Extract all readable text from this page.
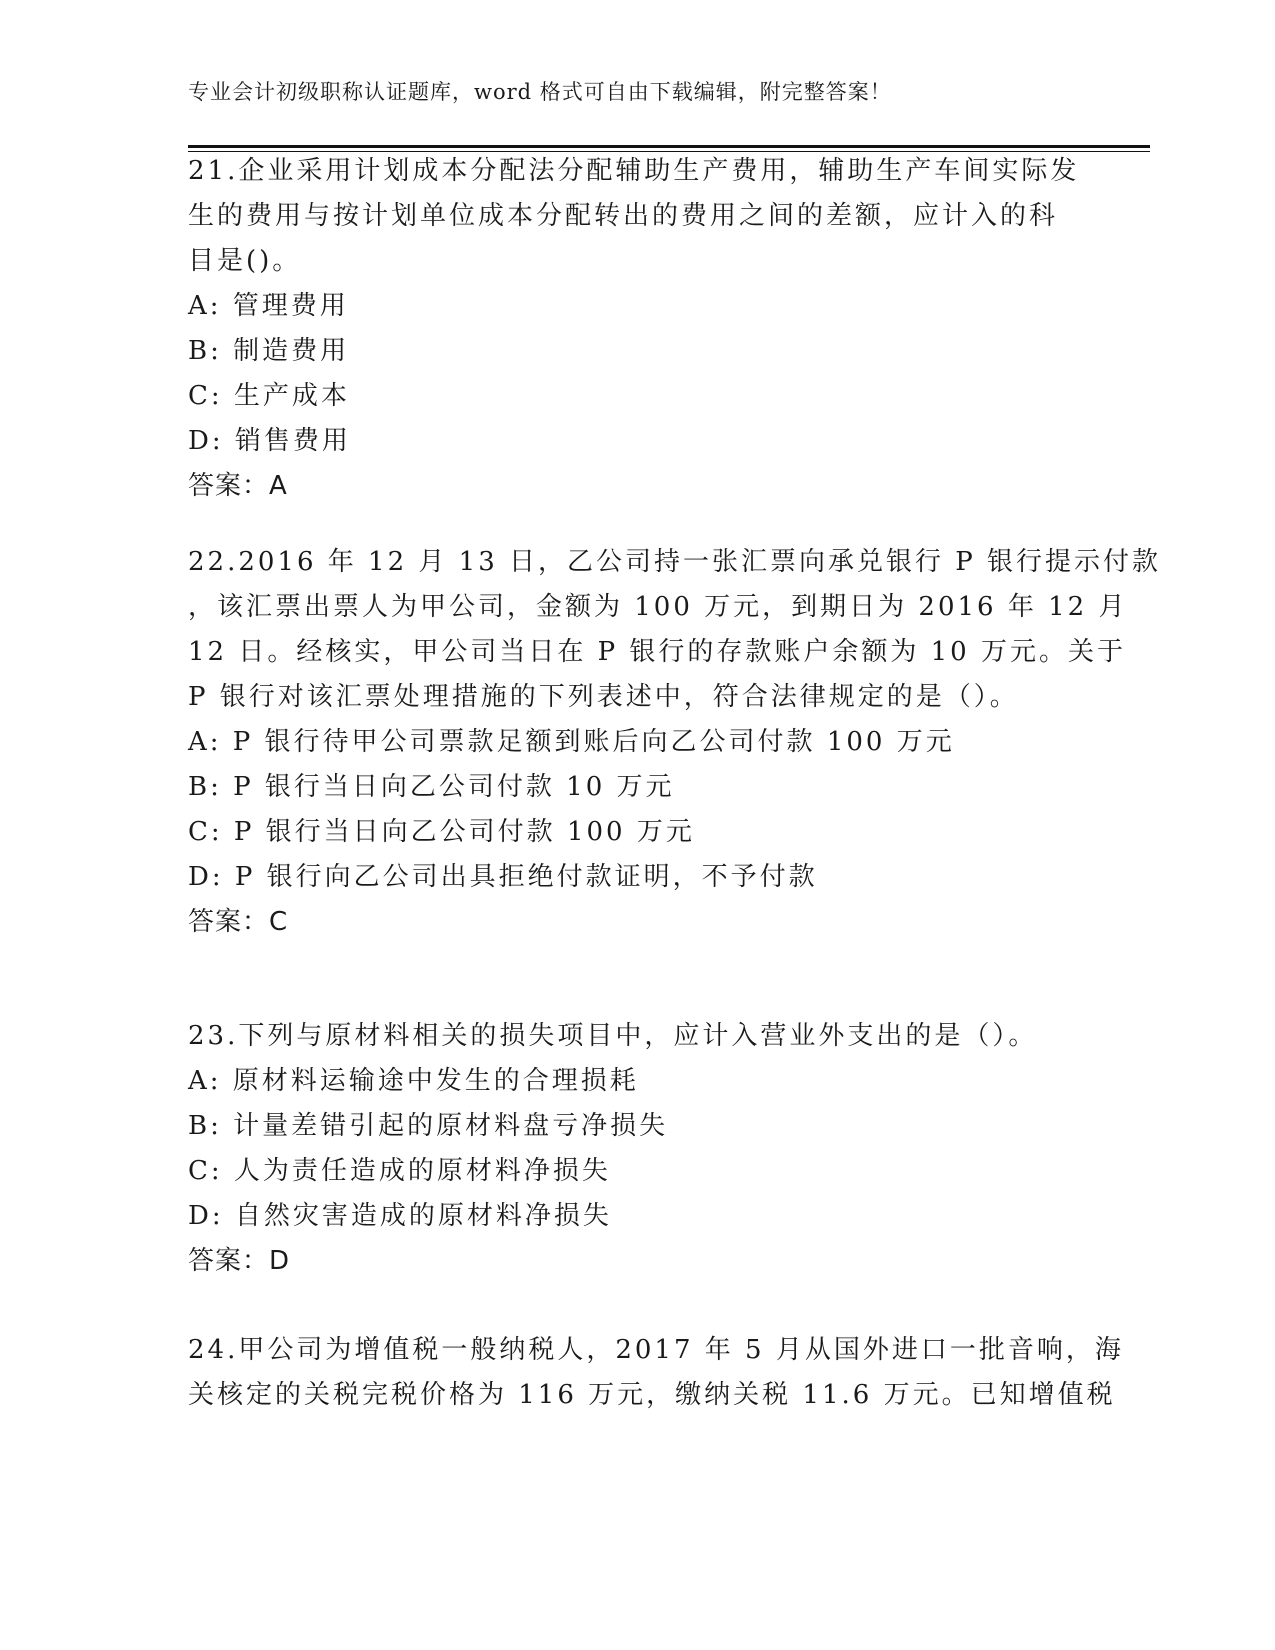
专业会计初级职称认证题库，word 格式可自由下载编辑，附完整答案！
21.企业采用计划成本分配法分配辅助生产费用，辅助生产车间实际发
生的费用与按计划单位成本分配转出的费用之间的差额，应计入的科
目是()。
A: 管理费用
B: 制造费用
C: 生产成本
D: 销售费用
答案：A
22.2016 年 12 月 13 日，乙公司持一张汇票向承兑银行 P 银行提示付款
，该汇票出票人为甲公司，金额为 100 万元，到期日为 2016 年 12 月
12 日。经核实，甲公司当日在 P 银行的存款账户余额为 10 万元。关于
P 银行对该汇票处理措施的下列表述中，符合法律规定的是（）。
A: P 银行待甲公司票款足额到账后向乙公司付款 100 万元
B: P 银行当日向乙公司付款 10 万元
C: P 银行当日向乙公司付款 100 万元
D: P 银行向乙公司出具拒绝付款证明，不予付款
答案：C
23.下列与原材料相关的损失项目中，应计入营业外支出的是（）。
A: 原材料运输途中发生的合理损耗
B: 计量差错引起的原材料盘亏净损失
C: 人为责任造成的原材料净损失
D: 自然灾害造成的原材料净损失
答案：D
24.甲公司为增值税一般纳税人，2017 年 5 月从国外进口一批音响，海
关核定的关税完税价格为 116 万元，缴纳关税 11.6 万元。已知增值税
